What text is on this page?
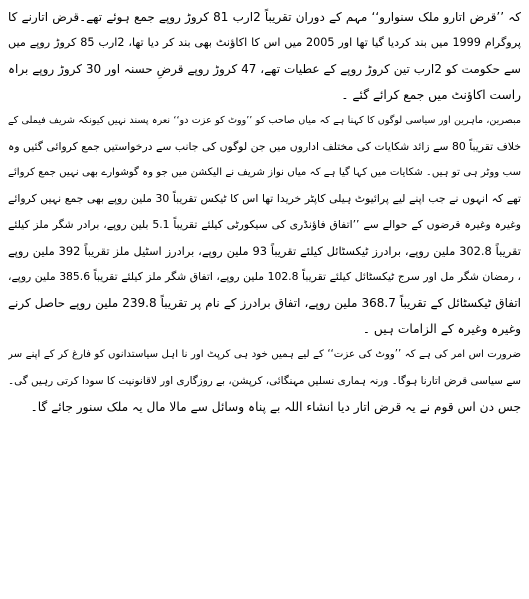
کہ ’’قرض اتارو ملک سنوارو‘‘ مہم کے دوران تقریباً 2ارب 81 کروڑ روپے جمع ہوئے تھے۔قرض اتارنے کا
پروگرام 1999 میں بند کردیا گیا تھا اور 2005 میں اس کا اکاؤنٹ بھی بند کر دیا تھا، 2ارب 85 کروڑ روپے میں
سے حکومت کو 2ارب تین کروڑ روپے کے عطیات تھے، 47 کروڑ روپے قرضِ حسنہ اور 30 کروڑ روپے براہ
راست اکاؤنٹ میں جمع کرائے گئے ۔
مبصرین، ماہرین اور سیاسی لوگوں کا کہنا ہے کہ میاں صاحب کو ’’ووٹ کو عزت دو‘‘ نعرہ پسند نہیں کیونکہ شریف فیملی کے
خلاف تقریباً 80 سے زائد شکایات کی مختلف اداروں میں جن لوگوں کی جانب سے درخواستیں جمع کروائی گئیں وہ
سب ووٹر ہی تو ہیں۔ شکایات میں کہا گیا ہے کہ میاں نواز شریف نے الیکشن میں جو وہ گوشوارے بھی نہیں جمع کروائے
تھے کہ انہوں نے جب اپنے لیے پرائیوٹ ہیلی کاپٹر خریدا تھا اس کا ٹیکس تقریباً 30 ملین روپے بھی جمع نہیں کروائے
وغیرہ وغیرہ قرضوں کے حوالے سے ’’اتفاق فاؤنڈری کی سیکورٹی کیلئے تقریباً 5.1 بلین روپے، برادر شگر ملز کیلئے
تقریباً 302.8 ملین روپے، برادرز ٹیکسٹائل کیلئے تقریباً 93 ملین روپے، برادرز اسٹیل ملز تقریباً 392 ملین روپے
، رمضان شگر مل اور سرج ٹیکسٹائل کیلئے تقریباً 102.8 ملین روپے، اتفاق شگر ملز کیلئے تقریباً 385.6 ملین روپے،
اتفاق ٹیکسٹائل کے تقریباً 368.7 ملین روپے، اتفاق برادرز کے نام پر تقریباً 239.8 ملین روپے حاصل کرنے
وغیرہ وغیرہ کے الزامات ہیں ۔
ضرورت اس امر کی ہے کہ ’’ووٹ کی عزت‘‘ کے لیے ہمیں خود ہی کرپٹ اور نا اہل سیاستدانوں کو فارغ کر کے اپنے سر
سے سیاسی قرض اتارنا ہوگا۔ ورنہ ہماری نسلیں مہنگائی، کرپشن، بے روزگاری اور لاقانونیت کا سودا کرتی رہیں گی۔
جس دن اس قوم نے یہ قرض اتار دیا انشاء اللہ بے پناہ وسائل سے مالا مال یہ ملک سنور جائے گا۔
